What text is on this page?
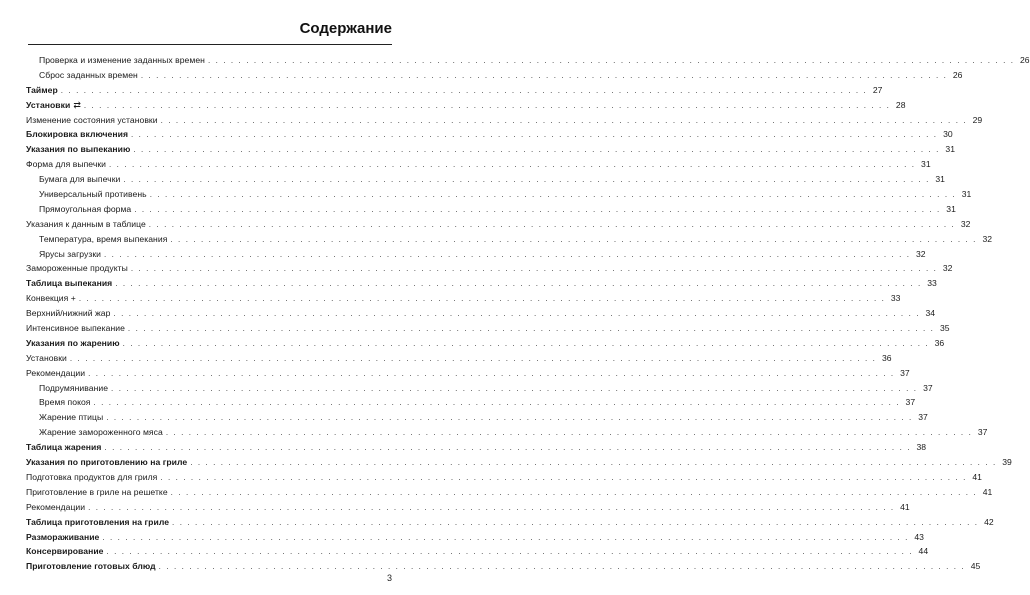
Содержание
Проверка и изменение заданных времен . . . . . . . . . . . . . . . . . . . . . . . . . . . . . . . . . . . . . . . . . . . . . . . . . . . . . . . . . . . . . . . . . . . . . . . . . . . . . . . . . . . . . . . . . . . . . . . . . . . . . . . . . . 26
Сброс заданных времен . . . . . . . . . . . . . . . . . . . . . . . . . . . . . . . . . . . . . . . . . . . . . . . . . . . . . . . . . . . . . . . . . . . . . . . . . . . . . . . . . . . . . . . . . . . . . . . . . . . . . . . . . . 26
Таймер . . . . . . . . . . . . . . . . . . . . . . . . . . . . . . . . . . . . . . . . . . . . . . . . . . . . . . . . . . . . . . . . . . . . . . . . . . . . . . . . . . . . . . . . . . . . . . . . . . . . . . . . . . 27
Установки ⇄ . . . . . . . . . . . . . . . . . . . . . . . . . . . . . . . . . . . . . . . . . . . . . . . . . . . . . . . . . . . . . . . . . . . . . . . . . . . . . . . . . . . . . . . . . . . . . . . . . . . . . . . . . . 28
Изменение состояния установки . . . . . . . . . . . . . . . . . . . . . . . . . . . . . . . . . . . . . . . . . . . . . . . . . . . . . . . . . . . . . . . . . . . . . . . . . . . . . . . . . . . . . . . . . . . . . . . . . . . . . . . . . . 29
Блокировка включения . . . . . . . . . . . . . . . . . . . . . . . . . . . . . . . . . . . . . . . . . . . . . . . . . . . . . . . . . . . . . . . . . . . . . . . . . . . . . . . . . . . . . . . . . . . . . . . . . . . . . . . . . . 30
Указания по выпеканию . . . . . . . . . . . . . . . . . . . . . . . . . . . . . . . . . . . . . . . . . . . . . . . . . . . . . . . . . . . . . . . . . . . . . . . . . . . . . . . . . . . . . . . . . . . . . . . . . . . . . . . . . . 31
Форма для выпечки . . . . . . . . . . . . . . . . . . . . . . . . . . . . . . . . . . . . . . . . . . . . . . . . . . . . . . . . . . . . . . . . . . . . . . . . . . . . . . . . . . . . . . . . . . . . . . . . . . . . . . . . . . 31
Бумага для выпечки . . . . . . . . . . . . . . . . . . . . . . . . . . . . . . . . . . . . . . . . . . . . . . . . . . . . . . . . . . . . . . . . . . . . . . . . . . . . . . . . . . . . . . . . . . . . . . . . . . . . . . . . . . 31
Универсальный противень . . . . . . . . . . . . . . . . . . . . . . . . . . . . . . . . . . . . . . . . . . . . . . . . . . . . . . . . . . . . . . . . . . . . . . . . . . . . . . . . . . . . . . . . . . . . . . . . . . . . . . . . . . 31
Прямоугольная форма . . . . . . . . . . . . . . . . . . . . . . . . . . . . . . . . . . . . . . . . . . . . . . . . . . . . . . . . . . . . . . . . . . . . . . . . . . . . . . . . . . . . . . . . . . . . . . . . . . . . . . . . . . 31
Указания к данным в таблице . . . . . . . . . . . . . . . . . . . . . . . . . . . . . . . . . . . . . . . . . . . . . . . . . . . . . . . . . . . . . . . . . . . . . . . . . . . . . . . . . . . . . . . . . . . . . . . . . . . . . . . . . . 32
Температура, время выпекания . . . . . . . . . . . . . . . . . . . . . . . . . . . . . . . . . . . . . . . . . . . . . . . . . . . . . . . . . . . . . . . . . . . . . . . . . . . . . . . . . . . . . . . . . . . . . . . . . . . . . . . . . . 32
Ярусы загрузки . . . . . . . . . . . . . . . . . . . . . . . . . . . . . . . . . . . . . . . . . . . . . . . . . . . . . . . . . . . . . . . . . . . . . . . . . . . . . . . . . . . . . . . . . . . . . . . . . . . . . . . . . . 32
Замороженные продукты . . . . . . . . . . . . . . . . . . . . . . . . . . . . . . . . . . . . . . . . . . . . . . . . . . . . . . . . . . . . . . . . . . . . . . . . . . . . . . . . . . . . . . . . . . . . . . . . . . . . . . . . . . 32
Таблица выпекания . . . . . . . . . . . . . . . . . . . . . . . . . . . . . . . . . . . . . . . . . . . . . . . . . . . . . . . . . . . . . . . . . . . . . . . . . . . . . . . . . . . . . . . . . . . . . . . . . . . . . . . . . . 33
Конвекция + . . . . . . . . . . . . . . . . . . . . . . . . . . . . . . . . . . . . . . . . . . . . . . . . . . . . . . . . . . . . . . . . . . . . . . . . . . . . . . . . . . . . . . . . . . . . . . . . . . . . . . . . . . 33
Верхний/нижний жар . . . . . . . . . . . . . . . . . . . . . . . . . . . . . . . . . . . . . . . . . . . . . . . . . . . . . . . . . . . . . . . . . . . . . . . . . . . . . . . . . . . . . . . . . . . . . . . . . . . . . . . . . . 34
Интенсивное выпекание . . . . . . . . . . . . . . . . . . . . . . . . . . . . . . . . . . . . . . . . . . . . . . . . . . . . . . . . . . . . . . . . . . . . . . . . . . . . . . . . . . . . . . . . . . . . . . . . . . . . . . . . . . 35
Указания по жарению . . . . . . . . . . . . . . . . . . . . . . . . . . . . . . . . . . . . . . . . . . . . . . . . . . . . . . . . . . . . . . . . . . . . . . . . . . . . . . . . . . . . . . . . . . . . . . . . . . . . . . . . . . 36
Установки . . . . . . . . . . . . . . . . . . . . . . . . . . . . . . . . . . . . . . . . . . . . . . . . . . . . . . . . . . . . . . . . . . . . . . . . . . . . . . . . . . . . . . . . . . . . . . . . . . . . . . . . . . 36
Рекомендации . . . . . . . . . . . . . . . . . . . . . . . . . . . . . . . . . . . . . . . . . . . . . . . . . . . . . . . . . . . . . . . . . . . . . . . . . . . . . . . . . . . . . . . . . . . . . . . . . . . . . . . . . . 37
Подрумянивание . . . . . . . . . . . . . . . . . . . . . . . . . . . . . . . . . . . . . . . . . . . . . . . . . . . . . . . . . . . . . . . . . . . . . . . . . . . . . . . . . . . . . . . . . . . . . . . . . . . . . . . . . . 37
Время покоя . . . . . . . . . . . . . . . . . . . . . . . . . . . . . . . . . . . . . . . . . . . . . . . . . . . . . . . . . . . . . . . . . . . . . . . . . . . . . . . . . . . . . . . . . . . . . . . . . . . . . . . . . . 37
Жарение птицы . . . . . . . . . . . . . . . . . . . . . . . . . . . . . . . . . . . . . . . . . . . . . . . . . . . . . . . . . . . . . . . . . . . . . . . . . . . . . . . . . . . . . . . . . . . . . . . . . . . . . . . . . . 37
Жарение замороженного мяса . . . . . . . . . . . . . . . . . . . . . . . . . . . . . . . . . . . . . . . . . . . . . . . . . . . . . . . . . . . . . . . . . . . . . . . . . . . . . . . . . . . . . . . . . . . . . . . . . . . . . . . . . . 37
Таблица жарения . . . . . . . . . . . . . . . . . . . . . . . . . . . . . . . . . . . . . . . . . . . . . . . . . . . . . . . . . . . . . . . . . . . . . . . . . . . . . . . . . . . . . . . . . . . . . . . . . . . . . . . . . . 38
Указания по приготовлению на гриле . . . . . . . . . . . . . . . . . . . . . . . . . . . . . . . . . . . . . . . . . . . . . . . . . . . . . . . . . . . . . . . . . . . . . . . . . . . . . . . . . . . . . . . . . . . . . . . . . . . . . . . . . . 39
Подготовка продуктов для гриля . . . . . . . . . . . . . . . . . . . . . . . . . . . . . . . . . . . . . . . . . . . . . . . . . . . . . . . . . . . . . . . . . . . . . . . . . . . . . . . . . . . . . . . . . . . . . . . . . . . . . . . . . . 41
Приготовление в гриле на решетке . . . . . . . . . . . . . . . . . . . . . . . . . . . . . . . . . . . . . . . . . . . . . . . . . . . . . . . . . . . . . . . . . . . . . . . . . . . . . . . . . . . . . . . . . . . . . . . . . . . . . . . . . . 41
Рекомендации . . . . . . . . . . . . . . . . . . . . . . . . . . . . . . . . . . . . . . . . . . . . . . . . . . . . . . . . . . . . . . . . . . . . . . . . . . . . . . . . . . . . . . . . . . . . . . . . . . . . . . . . . . 41
Таблица приготовления на гриле . . . . . . . . . . . . . . . . . . . . . . . . . . . . . . . . . . . . . . . . . . . . . . . . . . . . . . . . . . . . . . . . . . . . . . . . . . . . . . . . . . . . . . . . . . . . . . . . . . . . . . . . . . 42
Размораживание . . . . . . . . . . . . . . . . . . . . . . . . . . . . . . . . . . . . . . . . . . . . . . . . . . . . . . . . . . . . . . . . . . . . . . . . . . . . . . . . . . . . . . . . . . . . . . . . . . . . . . . . . . 43
Консервирование . . . . . . . . . . . . . . . . . . . . . . . . . . . . . . . . . . . . . . . . . . . . . . . . . . . . . . . . . . . . . . . . . . . . . . . . . . . . . . . . . . . . . . . . . . . . . . . . . . . . . . . . . . 44
Приготовление готовых блюд . . . . . . . . . . . . . . . . . . . . . . . . . . . . . . . . . . . . . . . . . . . . . . . . . . . . . . . . . . . . . . . . . . . . . . . . . . . . . . . . . . . . . . . . . . . . . . . . . . . . . . . . . . 45
3
